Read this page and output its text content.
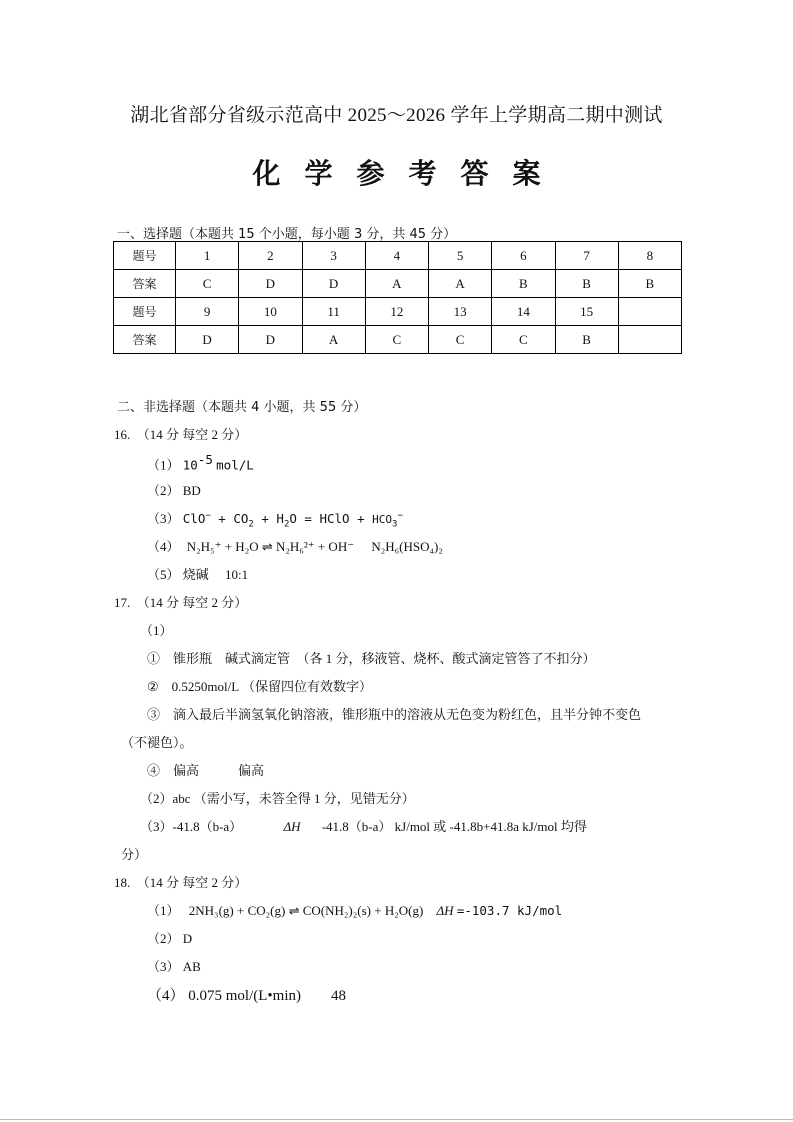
湖北省部分省级示范高中 2025～2026 学年上学期高二期中测试
化 学 参 考 答 案
一、选择题（本题共 15 个小题，每小题 3 分，共 45 分）
题号	1	2	3	4	5	6	7	8
答案	C	D	D	A	A	B	B	B
题号	9	10	11	12	13	14	15	
答案	D	D	A	C	C	C	B	
二、非选择题（本题共 4 小题，共 55 分）
16.　（14 分 每空 2 分）
（1） $10^{-5}$ mol/L
（2） BD
（3） $ClO^- + CO_2 + H_2O$ = HClO + $HCO_3^-$
（4） N₂H₅⁺ + H₂O ⇌ N₂H₆²⁺ + OH⁻ N₂H₆(HSO₄)₂
（5） 烧碱　 10:1
17.　（14 分 每空 2 分）
（1）
①　锥形瓶　碱式滴定管　（各 1 分，移液管、烧杯、酸式滴定管答了不扣分）
②　0.5250mol/L （保留四位有效数字）
③　滴入最后半滴氢氧化钠溶液，锥形瓶中的溶液从无色变为粉红色，且半分钟不变色
（不褪色）。
④　偏高　　　偏高
（2）abc （需小写，未答全得 1 分，见错无分）
（3）-41.8（b-a）	ΔH -41.8（b-a） kJ/mol 或 -41.8b+41.8a kJ/mol 均得
分）
18.　（14 分 每空 2 分）
（1） 2NH₃(g) + CO₂(g) ⇌ CO(NH₂)₂(s) + H₂O(g) ΔH =-103.7 kJ/mol
（2） D
（3） AB
（4） 0.075 mol/(L•min)　　48
